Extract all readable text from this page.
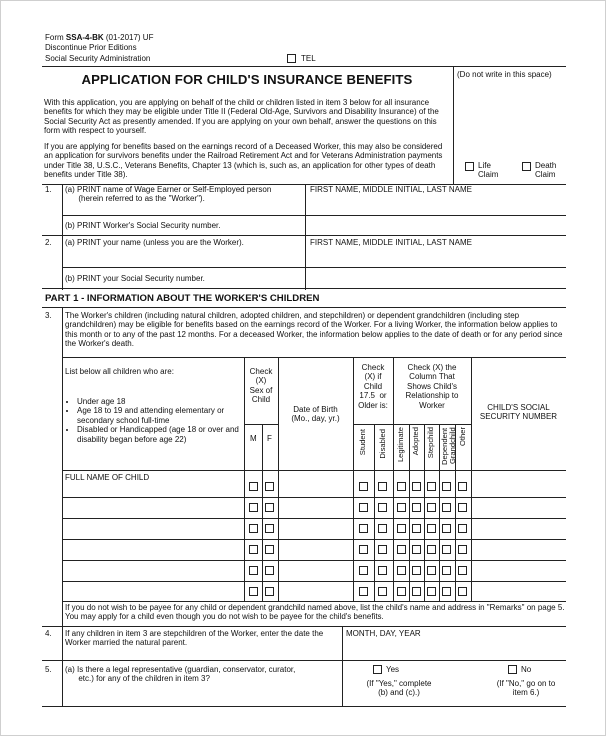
Form SSA-4-BK (01-2017) UF
Discontinue Prior Editions
Social Security Administration	TEL
(Do not write in this space)
APPLICATION FOR CHILD'S INSURANCE BENEFITS
With this application, you are applying on behalf of the child or children listed in item 3 below for all insurance benefits for which they may be eligible under Title II (Federal Old-Age, Survivors and Disability Insurance) of the Social Security Act as presently amended. If you are applying on your own behalf, answer the questions on this form with respect to yourself.
If you are applying for benefits based on the earnings record of a Deceased Worker, this may also be considered an application for survivors benefits under the Railroad Retirement Act and for Veterans Administration payments under Title 38, U.S.C., Veterans Benefits, Chapter 13 (which is, such as, an application for other types of death benefits under Title 38).
Life
Claim
Death
Claim
1. (a) PRINT name of Wage Earner or Self-Employed person
(herein referred to as the "Worker").
FIRST NAME, MIDDLE INITIAL, LAST NAME
(b) PRINT Worker's Social Security number.
2. (a) PRINT your name (unless you are the Worker).	FIRST NAME, MIDDLE INITIAL, LAST NAME
(b) PRINT your Social Security number.
PART 1 - INFORMATION ABOUT THE WORKER'S CHILDREN
3. The Worker's children (including natural children, adopted children, and stepchildren) or dependent grandchildren (including step grandchildren) may be eligible for benefits based on the earnings record of the Worker. For a living Worker, the information below applies to this month or to any of the past 12 months. For a deceased Worker, the information below applies to the date of death or for any period since the Worker's death.
List below all children who are:
• Under age 18
• Age 18 to 19 and attending elementary or secondary school full-time
• Disabled or Handicapped (age 18 or over and disability began before age 22)
Check
(X)
Sex of
Child
M F
Date of Birth
(Mo., day, yr.)
Check
(X) if
Child
17.5  or
Older is:
Student Disabled
Check (X) the
Column That
Shows Child's
Relationship to
Worker
Legitimate Adopted Stepchild Dependent Grandchild Other
CHILD'S SOCIAL
SECURITY NUMBER
FULL NAME OF CHILD
If you do not wish to be payee for any child or dependent grandchild named above, list the child's name and address in "Remarks" on page 5. You may apply for a child even though you do not wish to be payee for the child's benefits.
4. If any children in item 3 are stepchildren of the Worker, enter the date the Worker married the natural parent.
MONTH, DAY, YEAR
5. (a) Is there a legal representative (guardian, conservator, curator,
etc.) for any of the children in item 3?
Yes
(If "Yes," complete
(b) and (c).)
No
(If "No," go on to
item 6.)
